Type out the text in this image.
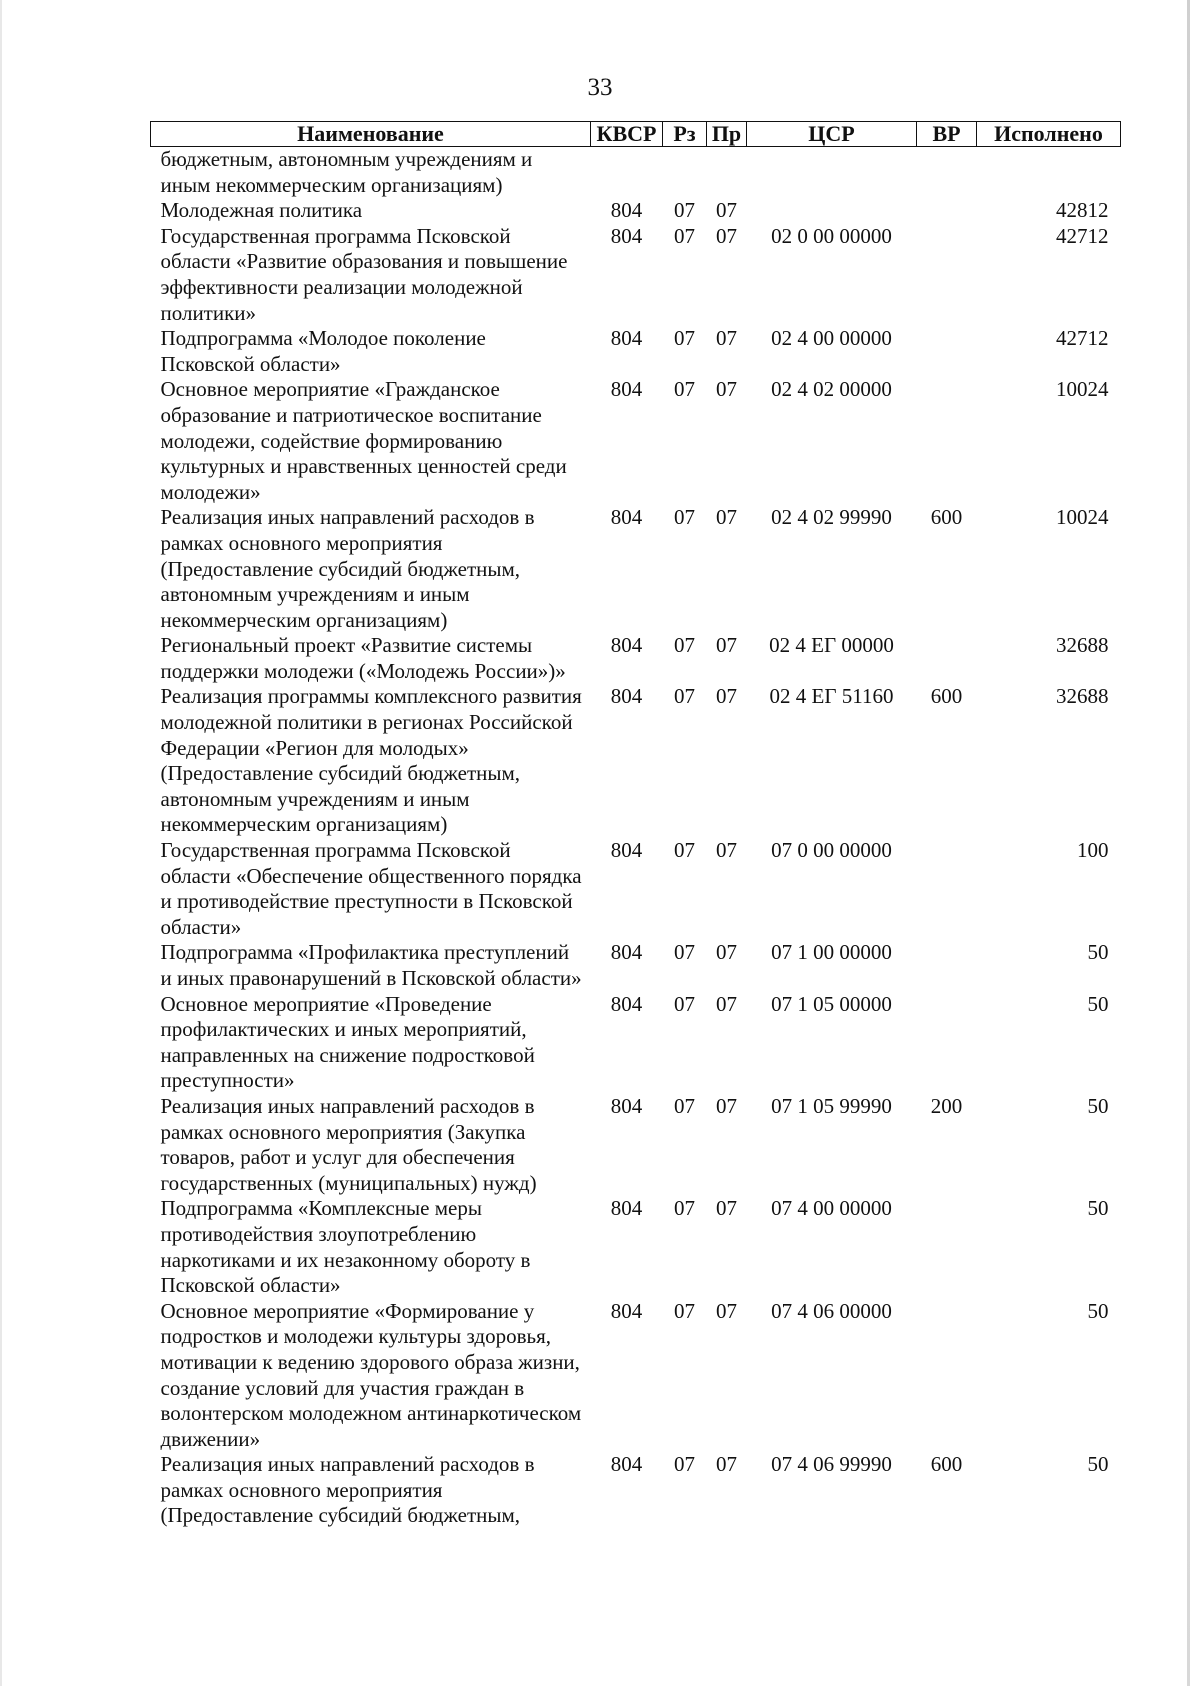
33
Наименование	КВСР	Рз	Пр	ЦСР	ВР	Исполнено
бюджетным, автономным учреждениям и иным некоммерческим организациям)						
Молодежная политика	804	07	07			42812
Государственная программа Псковской области «Развитие образования и повышение эффективности реализации молодежной политики»	804	07	07	02 0 00 00000		42712
Подпрограмма «Молодое поколение Псковской области»	804	07	07	02 4 00 00000		42712
Основное мероприятие «Гражданское образование и патриотическое воспитание молодежи, содействие формированию культурных и нравственных ценностей среди молодежи»	804	07	07	02 4 02 00000		10024
Реализация иных направлений расходов в рамках основного мероприятия (Предоставление субсидий бюджетным, автономным учреждениям и иным некоммерческим организациям)	804	07	07	02 4 02 99990	600	10024
Региональный проект «Развитие системы поддержки молодежи («Молодежь России»)»	804	07	07	02 4 ЕГ 00000		32688
Реализация программы комплексного развития молодежной политики в регионах Российской Федерации «Регион для молодых» (Предоставление субсидий бюджетным, автономным учреждениям и иным некоммерческим организациям)	804	07	07	02 4 ЕГ 51160	600	32688
Государственная программа Псковской области «Обеспечение общественного порядка и противодействие преступности в Псковской области»	804	07	07	07 0 00 00000		100
Подпрограмма «Профилактика преступлений и иных правонарушений в Псковской области»	804	07	07	07 1 00 00000		50
Основное мероприятие «Проведение профилактических и иных мероприятий, направленных на снижение подростковой преступности»	804	07	07	07 1 05 00000		50
Реализация иных направлений расходов в рамках основного мероприятия (Закупка товаров, работ и услуг для обеспечения государственных (муниципальных) нужд)	804	07	07	07 1 05 99990	200	50
Подпрограмма «Комплексные меры противодействия злоупотреблению наркотиками и их незаконному обороту в Псковской области»	804	07	07	07 4 00 00000		50
Основное мероприятие «Формирование у подростков и молодежи культуры здоровья, мотивации к ведению здорового образа жизни, создание условий для участия граждан в волонтерском молодежном антинаркотическом движении»	804	07	07	07 4 06 00000		50
Реализация иных направлений расходов в рамках основного мероприятия (Предоставление субсидий бюджетным,	804	07	07	07 4 06 99990	600	50
